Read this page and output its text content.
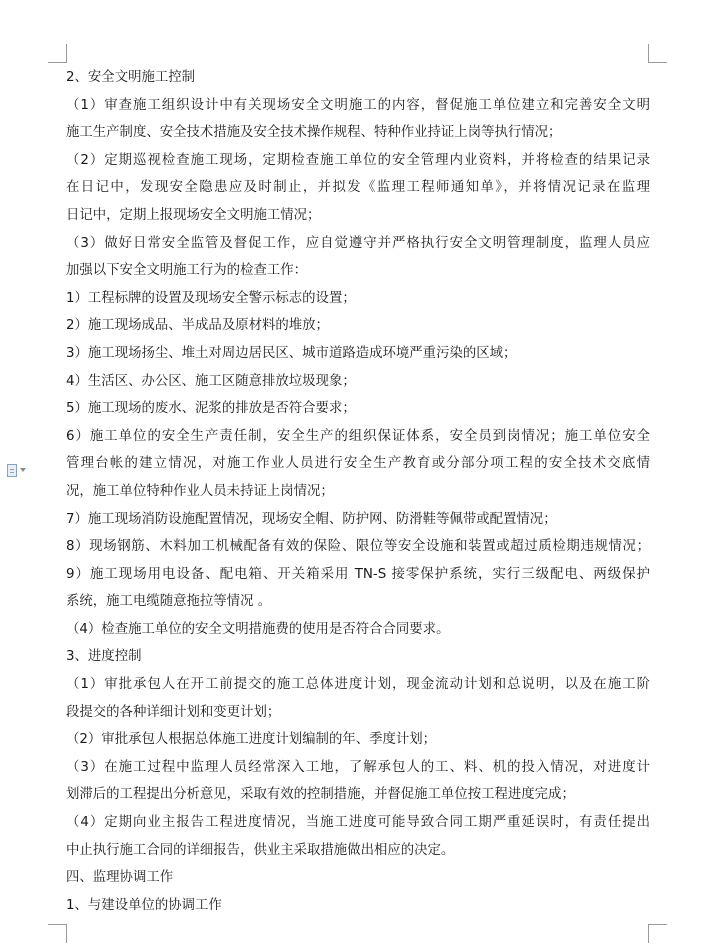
2、安全文明施工控制
（1）审查施工组织设计中有关现场安全文明施工的内容，督促施工单位建立和完善安全文明
施工生产制度、安全技术措施及安全技术操作规程、特种作业持证上岗等执行情况；
（2）定期巡视检查施工现场，定期检查施工单位的安全管理内业资料，并将检查的结果记录
在日记中，发现安全隐患应及时制止，并拟发《监理工程师通知单》，并将情况记录在监理
日记中，定期上报现场安全文明施工情况；
（3）做好日常安全监管及督促工作，应自觉遵守并严格执行安全文明管理制度，监理人员应
加强以下安全文明施工行为的检查工作：
1）工程标牌的设置及现场安全警示标志的设置；
2）施工现场成品、半成品及原材料的堆放；
3）施工现场扬尘、堆土对周边居民区、城市道路造成环境严重污染的区域；
4）生活区、办公区、施工区随意排放垃圾现象；
5）施工现场的废水、泥浆的排放是否符合要求；
6）施工单位的安全生产责任制，安全生产的组织保证体系，安全员到岗情况；施工单位安全
管理台帐的建立情况，对施工作业人员进行安全生产教育或分部分项工程的安全技术交底情
况，施工单位特种作业人员未持证上岗情况；
7）施工现场消防设施配置情况，现场安全帽、防护网、防滑鞋等佩带或配置情况；
8）现场钢筋、木料加工机械配备有效的保险、限位等安全设施和装置或超过质检期违规情况；
9）施工现场用电设备、配电箱、开关箱采用 TN-S 接零保护系统，实行三级配电、两级保护
系统，施工电缆随意拖拉等情况 。
（4）检查施工单位的安全文明措施费的使用是否符合合同要求。
3、进度控制
（1）审批承包人在开工前提交的施工总体进度计划，现金流动计划和总说明，以及在施工阶
段提交的各种详细计划和变更计划；
（2）审批承包人根据总体施工进度计划编制的年、季度计划；
（3）在施工过程中监理人员经常深入工地，了解承包人的工、料、机的投入情况，对进度计
划滞后的工程提出分析意见，采取有效的控制措施，并督促施工单位按工程进度完成；
（4）定期向业主报告工程进度情况，当施工进度可能导致合同工期严重延误时，有责任提出
中止执行施工合同的详细报告，供业主采取措施做出相应的决定。
四、监理协调工作
1、与建设单位的协调工作
